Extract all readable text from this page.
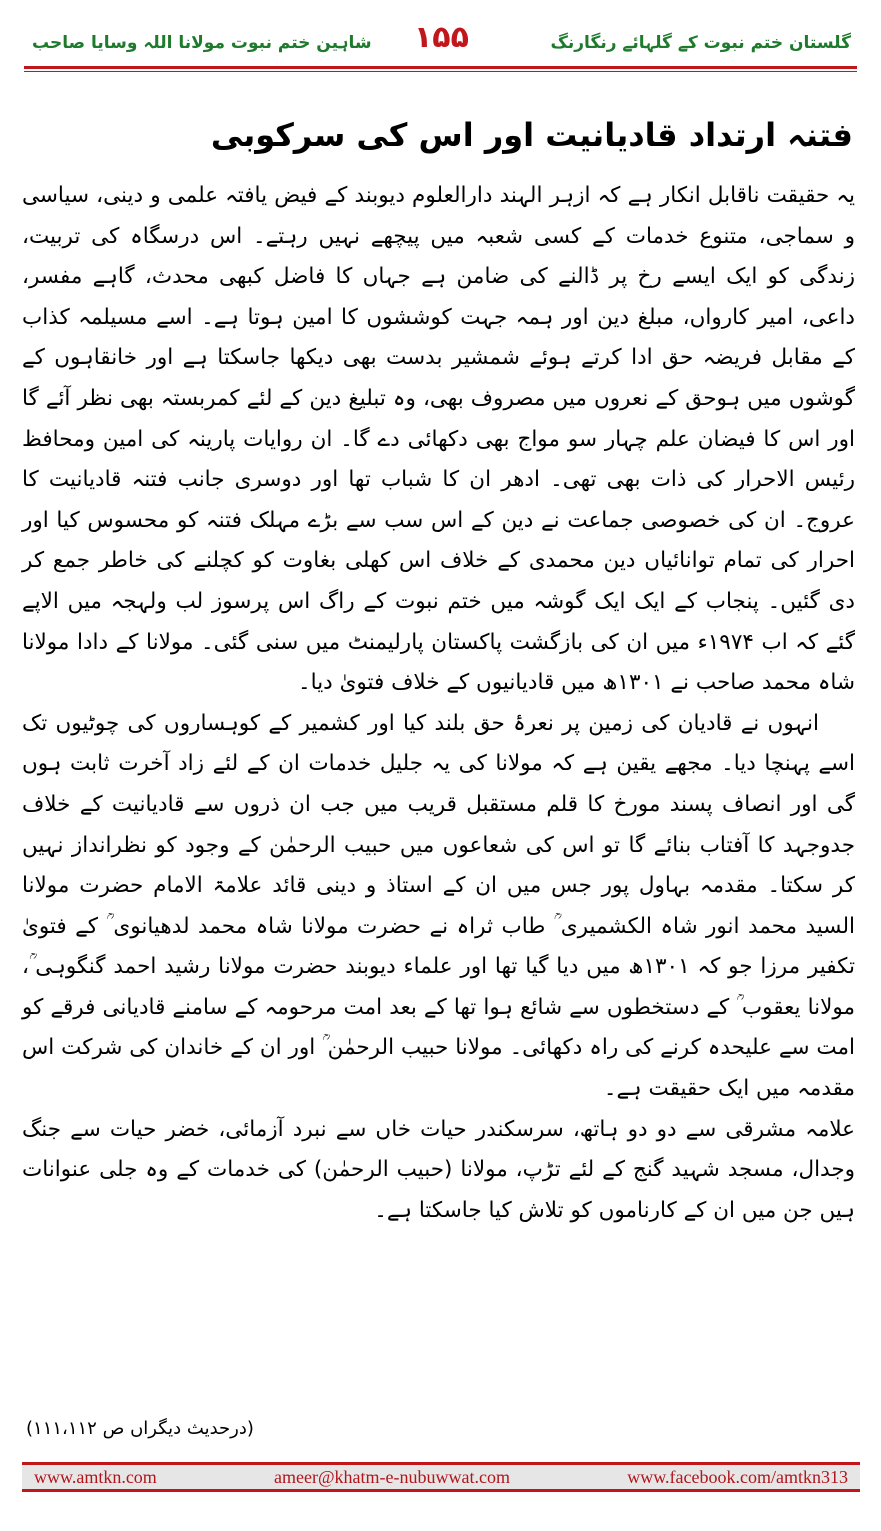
شاہین ختم نبوت مولانا اللہ وسایا صاحب ۱۵۵	گلستان ختم نبوت کے گلہائے رنگارنگ
فتنہ ارتداد قادیانیت اور اس کی سرکوبی

یہ حقیقت ناقابل انکار ہے کہ ازہر الہند دارالعلوم دیوبند کے فیض یافتہ علمی و دینی، سیاسی و سماجی، متنوع خدمات کے کسی شعبہ میں پیچھے نہیں رہتے۔ اس درسگاہ کی تربیت، زندگی کو ایک ایسے رخ پر ڈالنے کی ضامن ہے جہاں کا فاضل کبھی محدث، گاہے مفسر، داعی، امیر کارواں، مبلغ دین اور ہمہ جہت کوششوں کا امین ہوتا ہے۔ اسے مسیلمہ کذاب کے مقابل فریضہ حق ادا کرتے ہوئے شمشیر بدست بھی دیکھا جاسکتا ہے اور خانقاہوں کے گوشوں میں ہوحق کے نعروں میں مصروف بھی، وہ تبلیغ دین کے لئے کمربستہ بھی نظر آئے گا اور اس کا فیضان علم چہار سو مواج بھی دکھائی دے گا۔ ان روایات پارینہ کی امین ومحافظ رئیس الاحرار کی ذات بھی تھی۔ ادھر ان کا شباب تھا اور دوسری جانب فتنہ قادیانیت کا عروج۔ ان کی خصوصی جماعت نے دین کے اس سب سے بڑے مہلک فتنہ کو محسوس کیا اور احرار کی تمام توانائیاں دین محمدی کے خلاف اس کھلی بغاوت کو کچلنے کی خاطر جمع کر دی گئیں۔ پنجاب کے ایک ایک گوشہ میں ختم نبوت کے راگ اس پرسوز لب ولہجہ میں الاپے گئے کہ اب ۱۹۷۴ء میں ان کی بازگشت پاکستان پارلیمنٹ میں سنی گئی۔ مولانا کے دادا مولانا شاہ محمد صاحب نے ۱۳۰۱ھ میں قادیانیوں کے خلاف فتویٰ دیا۔

انہوں نے قادیان کی زمین پر نعرۂ حق بلند کیا اور کشمیر کے کوہساروں کی چوٹیوں تک اسے پہنچا دیا۔ مجھے یقین ہے کہ مولانا کی یہ جلیل خدمات ان کے لئے زاد آخرت ثابت ہوں گی اور انصاف پسند مورخ کا قلم مستقبل قریب میں جب ان ذروں سے قادیانیت کے خلاف جدوجہد کا آفتاب بنائے گا تو اس کی شعاعوں میں حبیب الرحمٰن کے وجود کو نظرانداز نہیں کر سکتا۔ مقدمہ بہاول پور جس میں ان کے استاذ و دینی قائد علامۃ الامام حضرت مولانا السید محمد انور شاہ الکشمیری ؒ طاب ثراہ نے حضرت مولانا شاہ محمد لدھیانوی ؒ کے فتویٰ تکفیر مرزا جو کہ ۱۳۰۱ھ میں دیا گیا تھا اور علماء دیوبند حضرت مولانا رشید احمد گنگوہی ؒ، مولانا یعقوب ؒ کے دستخطوں سے شائع ہوا تھا کے بعد امت مرحومہ کے سامنے قادیانی فرقے کو امت سے علیحدہ کرنے کی راہ دکھائی۔ مولانا حبیب الرحمٰن ؒ اور ان کے خاندان کی شرکت اس مقدمہ میں ایک حقیقت ہے۔

علامہ مشرقی سے دو دو ہاتھ، سرسکندر حیات خاں سے نبرد آزمائی، خضر حیات سے جنگ وجدال، مسجد شہید گنج کے لئے تڑپ، مولانا (حبیب الرحمٰن) کی خدمات کے وہ جلی عنوانات ہیں جن میں ان کے کارناموں کو تلاش کیا جاسکتا ہے۔

(درحدیث دیگراں ص ۱۱۱،۱۱۲)
www.amtkn.com	ameer@khatm-e-nubuwwat.com	www.facebook.com/amtkn313
